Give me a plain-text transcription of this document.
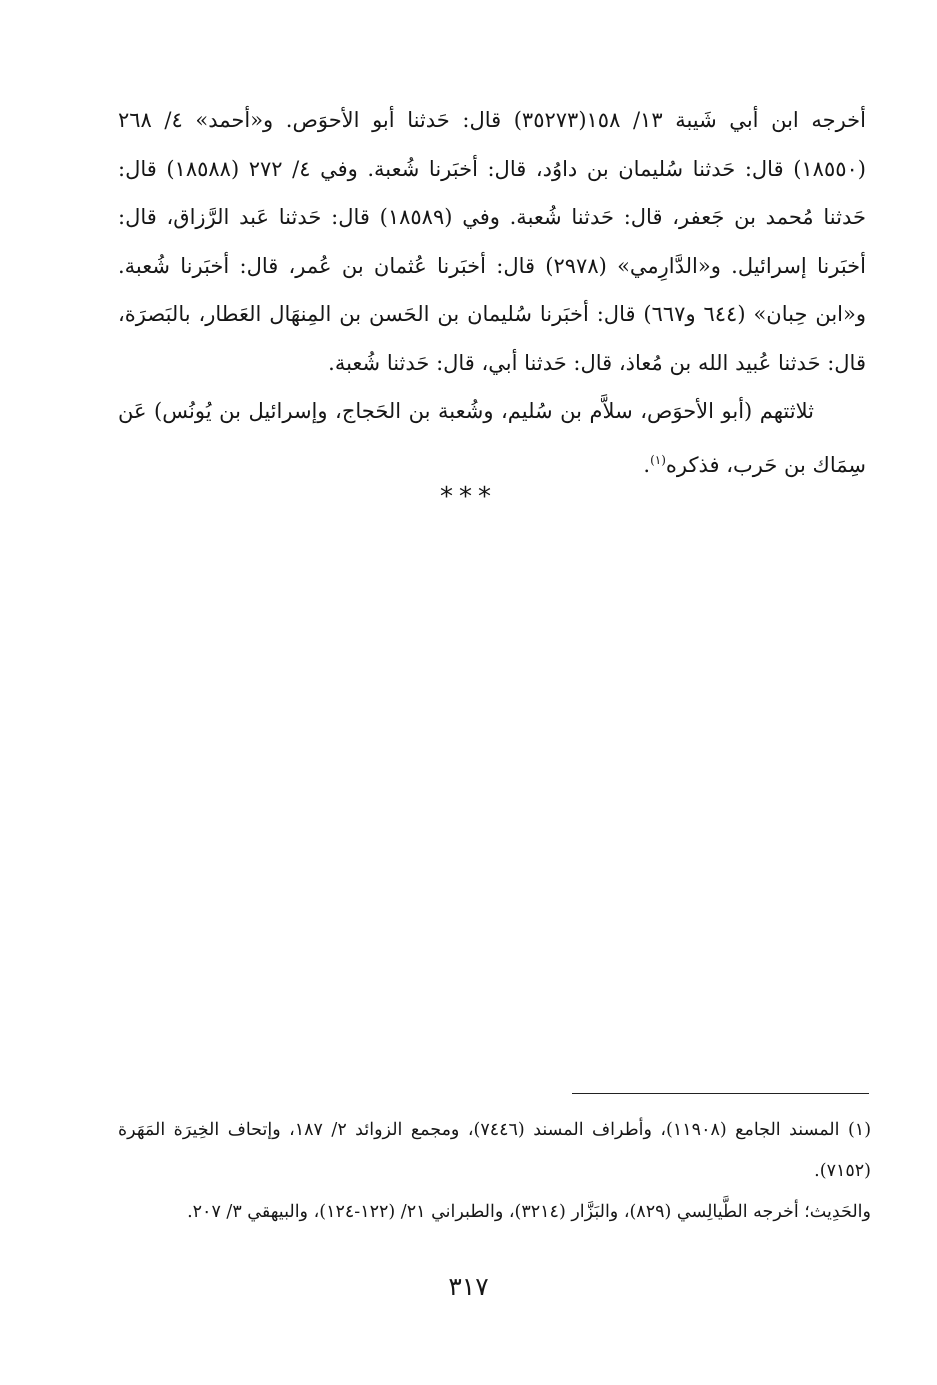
أخرجه ابن أبي شَيبة ١٣/ ١٥٨(٣٥٢٧٣) قال: حَدثنا أبو الأحوَص. و«أحمد» ٤/ ٢٦٨ (١٨٥٥٠) قال: حَدثنا سُليمان بن داوُد، قال: أخبَرنا شُعبة. وفي ٤/ ٢٧٢ (١٨٥٨٨) قال: حَدثنا مُحمد بن جَعفر، قال: حَدثنا شُعبة. وفي (١٨٥٨٩) قال: حَدثنا عَبد الرَّزاق، قال: أخبَرنا إسرائيل. و«الدَّارِمي» (٢٩٧٨) قال: أخبَرنا عُثمان بن عُمر، قال: أخبَرنا شُعبة. و«ابن حِبان» (٦٤٤ و٦٦٧) قال: أخبَرنا سُليمان بن الحَسن بن المِنهَال العَطار، بالبَصرَة، قال: حَدثنا عُبيد الله بن مُعاذ، قال: حَدثنا أبي، قال: حَدثنا شُعبة.

ثلاثتهم (أبو الأحوَص، سلاَّم بن سُليم، وشُعبة بن الحَجاج، وإسرائيل بن يُونُس) عَن سِمَاك بن حَرب، فذكره$^{(١)}$.

***

(١) المسند الجامع (١١٩٠٨)، وأطراف المسند (٧٤٤٦)، ومجمع الزوائد ٢/ ١٨٧، وإتحاف الخِيرَة المَهَرة (٧١٥٢).

والحَدِيث؛ أخرجه الطَّيالِسي (٨٢٩)، والبَزَّار (٣٢١٤)، والطبراني ٢١/ (١٢٢-١٢٤)، والبيهقي ٣/ ٢٠٧.

٣١٧
